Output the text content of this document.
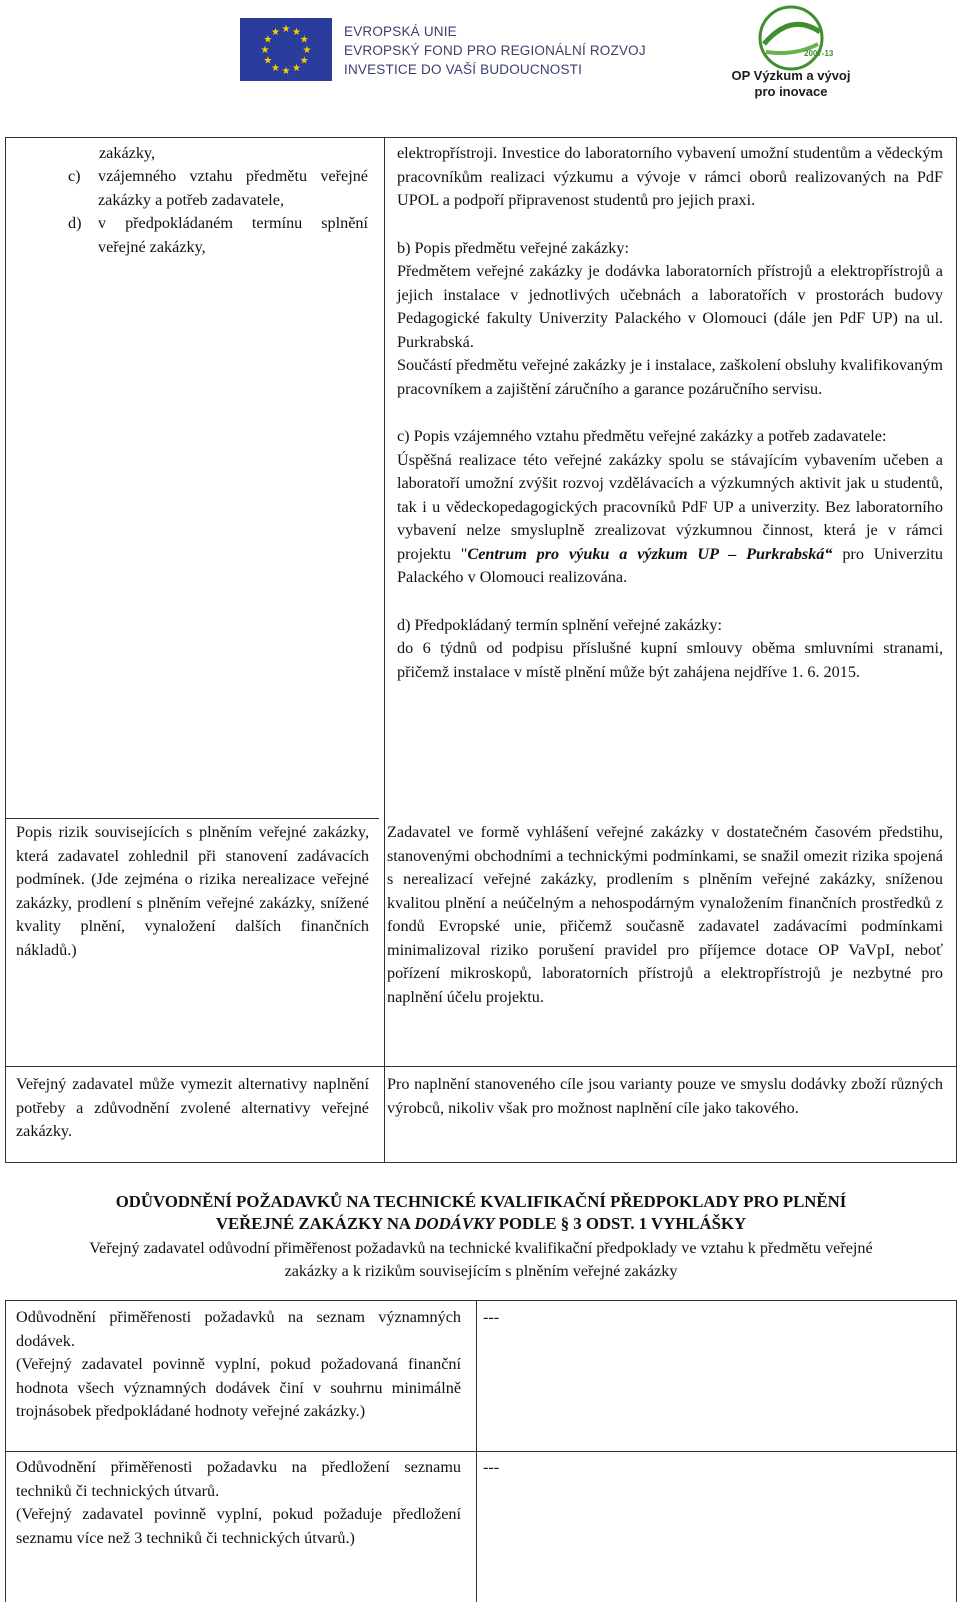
★ ★
★
★
★
★
★
★
★
★
★
★	EVROPSKÁ UNIE
EVROPSKÝ FOND PRO REGIONÁLNÍ ROZVOJ
INVESTICE DO VAŠÍ BUDOUCNOSTI
2007-13
OP Výzkum a vývoj
pro inovace
zakázky,
c) vzájemného vztahu předmětu veřejné zakázky a potřeb zadavatele,
d) v předpokládaném termínu splnění veřejné zakázky,

elektropřístroji. Investice do laboratorního vybavení umožní studentům a vědeckým pracovníkům realizaci výzkumu a vývoje v rámci oborů realizovaných na PdF UPOL a podpoří připravenost studentů pro jejich praxi.

b) Popis předmětu veřejné zakázky:

Předmětem veřejné zakázky je dodávka laboratorních přístrojů a elektropřístrojů a jejich instalace v jednotlivých učebnách a laboratořích v prostorách budovy Pedagogické fakulty Univerzity Palackého v Olomouci (dále jen PdF UP) na ul. Purkrabská.

Součástí předmětu veřejné zakázky je i instalace, zaškolení obsluhy kvalifikovaným pracovníkem a zajištění záručního a garance pozáručního servisu.

c) Popis vzájemného vztahu předmětu veřejné zakázky a potřeb zadavatele:

Úspěšná realizace této veřejné zakázky spolu se stávajícím vybavením učeben a laboratoří umožní zvýšit rozvoj vzdělávacích a výzkumných aktivit jak u studentů, tak i u vědeckopedagogických pracovníků PdF UP a univerzity. Bez laboratorního vybavení nelze smysluplně zrealizovat výzkumnou činnost, která je v rámci projektu "Centrum pro výuku a výzkum UP – Purkrabská“ pro Univerzitu Palackého v Olomouci realizována.

d) Předpokládaný termín splnění veřejné zakázky:

do 6 týdnů od podpisu příslušné kupní smlouvy oběma smluvními stranami, přičemž instalace v místě plnění může být zahájena nejdříve 1. 6. 2015.

Popis rizik souvisejících s plněním veřejné zakázky, která zadavatel zohlednil při stanovení zadávacích podmínek. (Jde zejména o rizika nerealizace veřejné zakázky, prodlení s plněním veřejné zakázky, snížené kvality plnění, vynaložení dalších finančních nákladů.)
Zadavatel ve formě vyhlášení veřejné zakázky v dostatečném časovém předstihu, stanovenými obchodními a technickými podmínkami, se snažil omezit rizika spojená s nerealizací veřejné zakázky, prodlením s plněním veřejné zakázky, sníženou kvalitou plnění a neúčelným a nehospodárným vynaložením finančních prostředků z fondů Evropské unie, přičemž současně zadavatel zadávacími podmínkami minimalizoval riziko porušení pravidel pro příjemce dotace OP VaVpI, neboť pořízení mikroskopů, laboratorních přístrojů a elektropřístrojů je nezbytné pro naplnění účelu projektu.
Veřejný zadavatel může vymezit alternativy naplnění potřeby a zdůvodnění zvolené alternativy veřejné zakázky.
Pro naplnění stanoveného cíle jsou varianty pouze ve smyslu dodávky zboží různých výrobců, nikoliv však pro možnost naplnění cíle jako takového.
ODŮVODNĚNÍ POŽADAVKŮ NA TECHNICKÉ KVALIFIKAČNÍ PŘEDPOKLADY PRO PLNĚNÍ
VEŘEJNÉ ZAKÁZKY NA DODÁVKY PODLE § 3 ODST. 1 VYHLÁŠKY
Veřejný zadavatel odůvodní přiměřenost požadavků na technické kvalifikační předpoklady ve vztahu k předmětu veřejné zakázky a k rizikům souvisejícím s plněním veřejné zakázky
Odůvodnění přiměřenosti požadavků na seznam významných dodávek.
(Veřejný zadavatel povinně vyplní, pokud požadovaná finanční hodnota všech významných dodávek činí v souhrnu minimálně trojnásobek předpokládané hodnoty veřejné zakázky.)
---
Odůvodnění přiměřenosti požadavku na předložení seznamu techniků či technických útvarů.
(Veřejný zadavatel povinně vyplní, pokud požaduje předložení seznamu více než 3 techniků či technických útvarů.)
---
